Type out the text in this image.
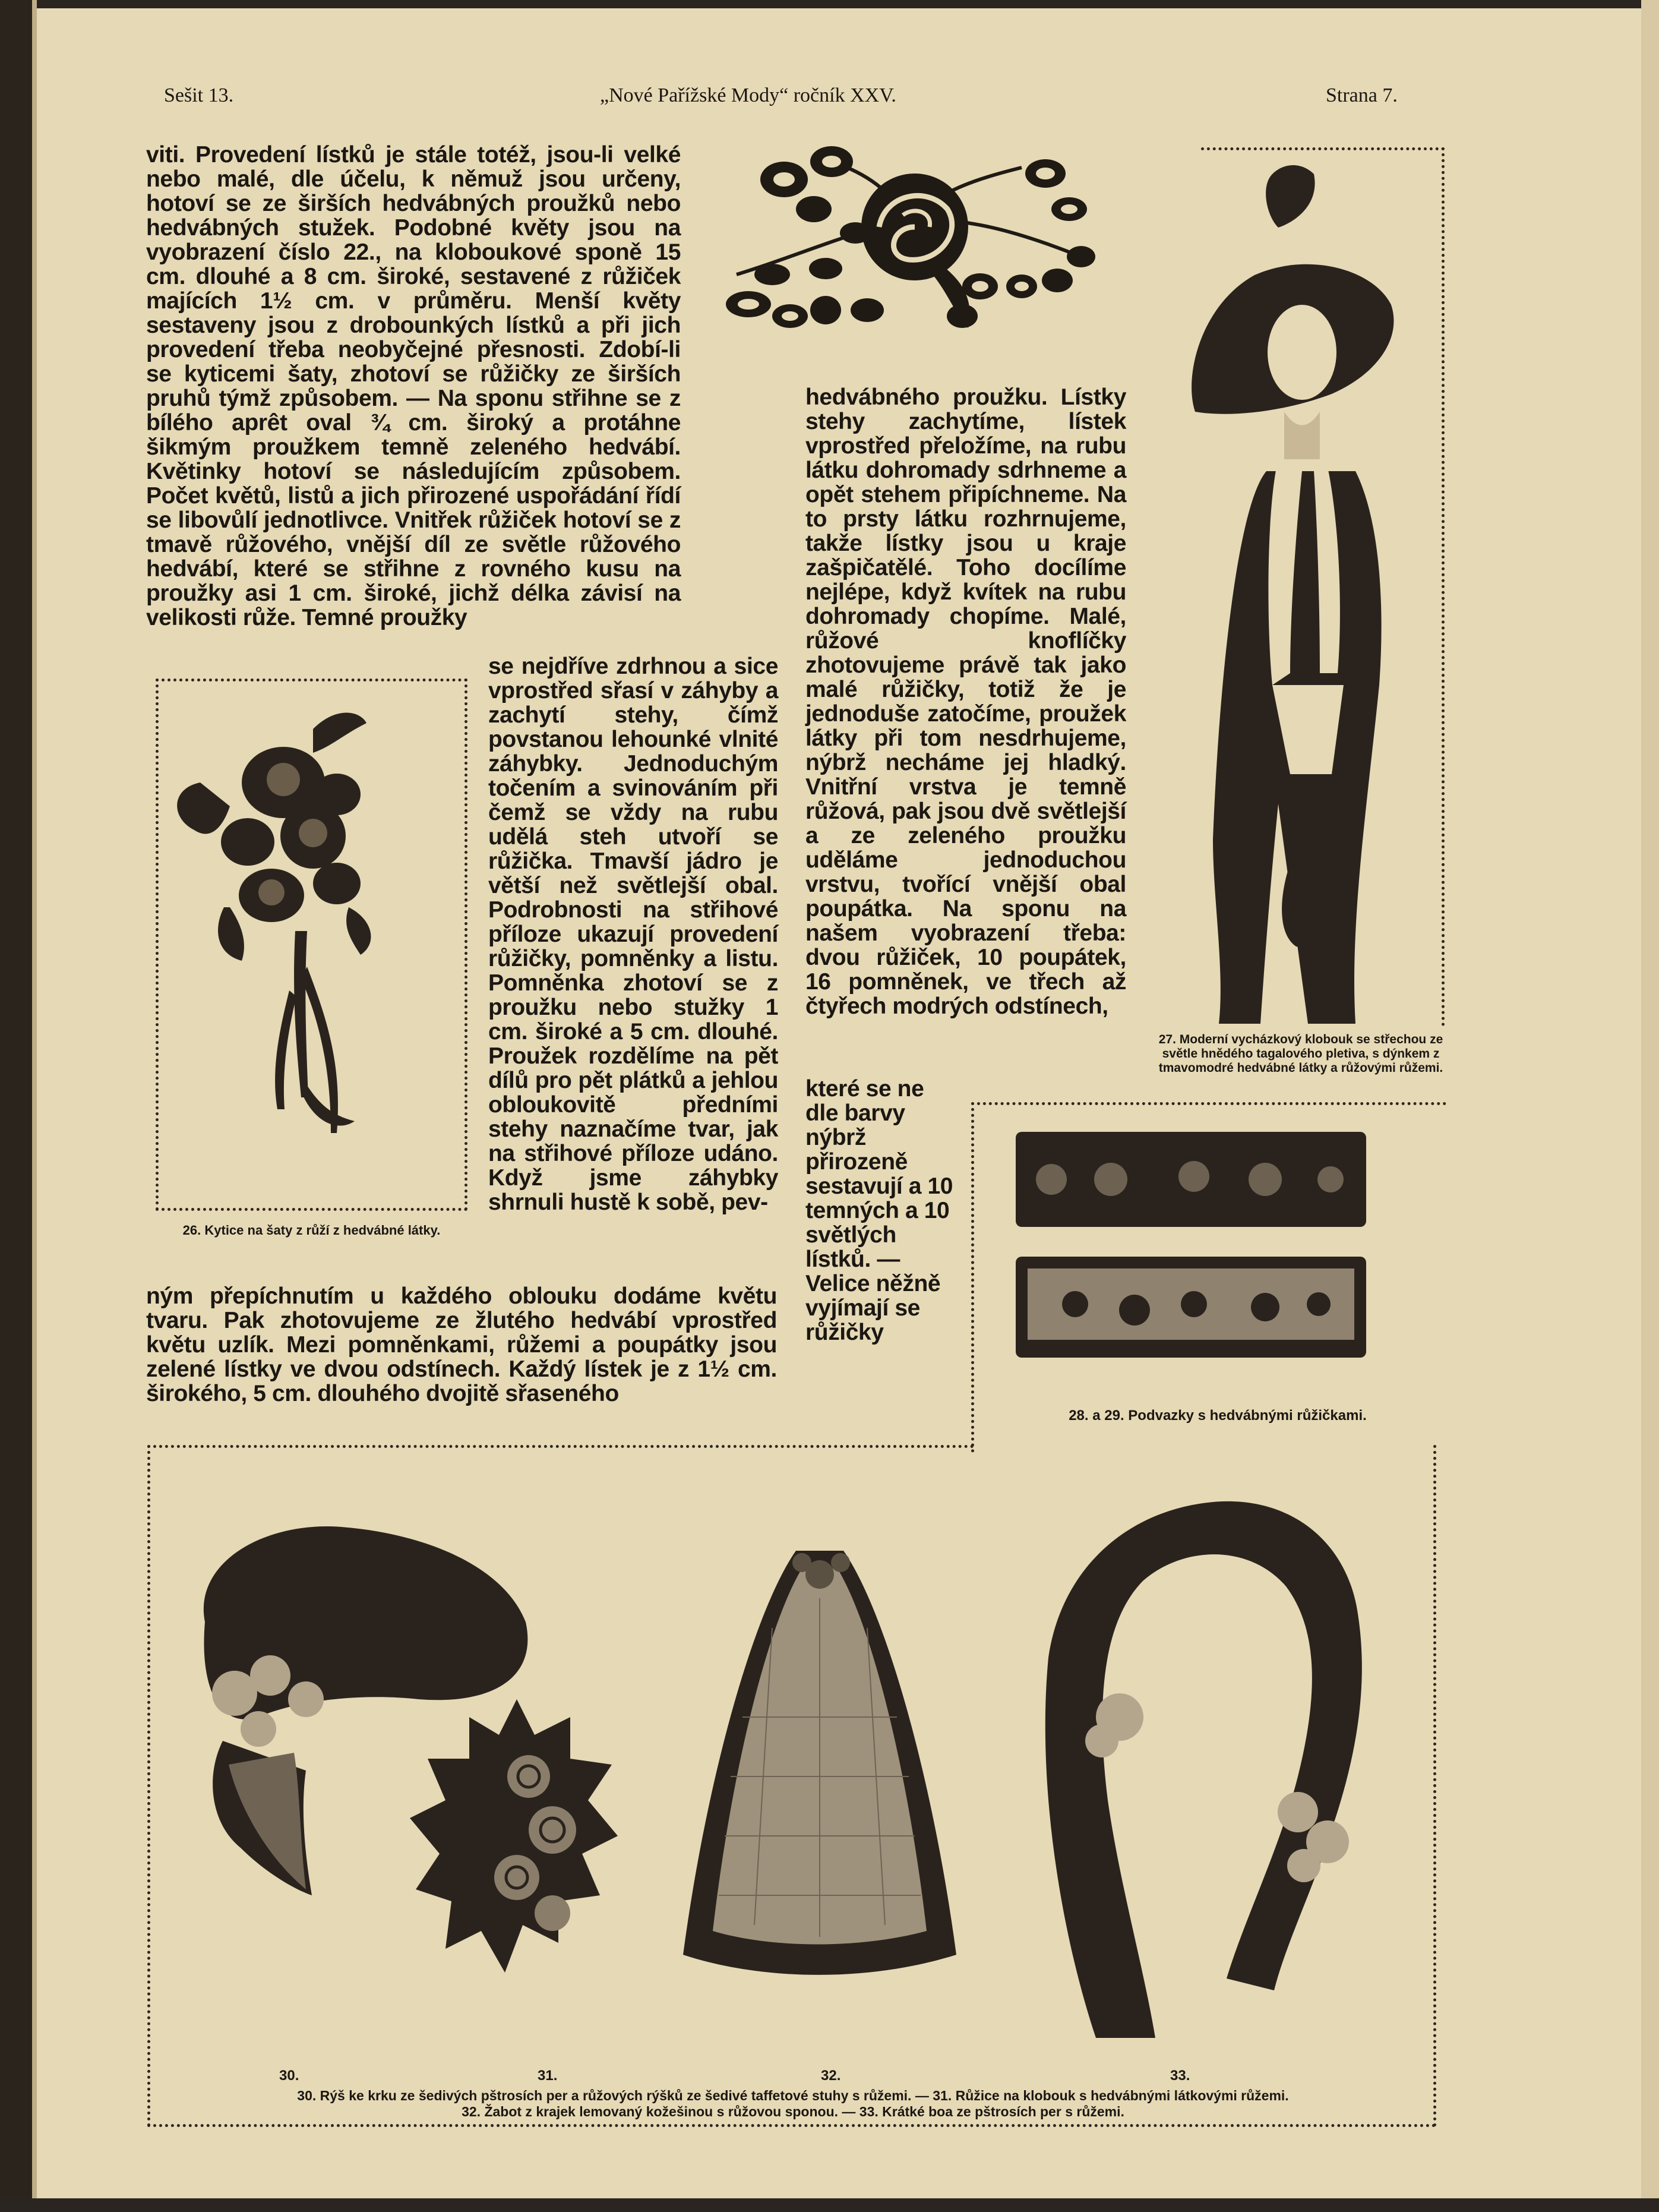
Sešit 13.	„Nové Pařížské Mody“ ročník XXV.	Strana 7.

viti. Provedení lístků je stále totéž, jsou-li velké nebo malé, dle účelu, k němuž jsou určeny, hotoví se ze širších hedvábných proužků nebo hedvábných stužek. Podobné květy jsou na vyobrazení číslo 22., na kloboukové sponě 15 cm. dlouhé a 8 cm. široké, sestavené z růžiček majících 1½ cm. v průměru. Menší květy sestaveny jsou z drobounkých lístků a při jich provedení třeba neobyčejné přesnosti. Zdobí-li se kyticemi šaty, zhotoví se růžičky ze širších pruhů týmž způsobem. — Na sponu střihne se z bílého aprêt oval ¾ cm. široký a protáhne šikmým proužkem temně zeleného hedvábí. Květinky hotoví se následujícím způsobem. Počet květů, listů a jich přirozené uspořádání řídí se libovůlí jednotlivce. Vnitřek růžiček hotoví se z tmavě růžového, vnější díl ze světle růžového hedvábí, které se střihne z rovného kusu na proužky asi 1 cm. široké, jichž délka závisí na velikosti růže. Temné proužky

se nejdříve zdrhnou a sice vprostřed sřasí v záhyby a zachytí stehy, čímž povstanou lehounké vlnité záhybky. Jednoduchým točením a svinováním při čemž se vždy na rubu udělá steh utvoří se růžička. Tmavší jádro je větší než světlejší obal. Podrobnosti na střihové příloze ukazují provedení růžičky, pomněnky a listu. Pomněnka zhotoví se z proužku nebo stužky 1 cm. široké a 5 cm. dlouhé. Proužek rozdělíme na pět dílů pro pět plátků a jehlou obloukovitě předními stehy naznačíme tvar, jak na střihové příloze udáno. Když jsme záhybky shrnuli hustě k sobě, pev-

26. Kytice na šaty z růží z hedvábné látky.

ným přepíchnutím u každého oblouku dodáme květu tvaru. Pak zhotovujeme ze žlutého hedvábí vprostřed květu uzlík. Mezi pomněnkami, růžemi a poupátky jsou zelené lístky ve dvou odstínech. Každý lístek je z 1½ cm. širokého, 5 cm. dlouhého dvojitě sřaseného

hedvábného proužku. Lístky stehy zachytíme, lístek vprostřed přeložíme, na rubu látku dohromady sdrhneme a opět stehem připíchneme. Na to prsty látku rozhrnujeme, takže lístky jsou u kraje zašpičatělé. Toho docílíme nejlépe, když kvítek na rubu dohromady chopíme. Malé, růžové knoflíčky zhotovujeme právě tak jako malé růžičky, totiž že je jednoduše zatočíme, proužek látky při tom nesdrhujeme, nýbrž necháme jej hladký. Vnitřní vrstva je temně růžová, pak jsou dvě světlejší a ze zeleného proužku uděláme jednoduchou vrstvu, tvořící vnější obal poupátka. Na sponu na našem vyobrazení třeba: dvou růžiček, 10 poupátek, 16 pomněnek, ve třech až čtyřech modrých odstínech,

které se ne dle barvy nýbrž přirozeně sestavují a 10 temných a 10 světlých lístků. — Velice něžně vyjímají se růžičky

27. Moderní vycházkový klobouk se střechou ze světle hnědého tagalového pletiva, s dýnkem z tmavomodré hedvábné látky a růžovými růžemi.
28. a 29. Podvazky s hedvábnými růžičkami.
30.	31.	32.	33.
30. Rýš ke krku ze šedivých pštrosích per a růžových rýšků ze šedivé taffetové stuhy s růžemi. — 31. Růžice na klobouk s hedvábnými látkovými růžemi.
32. Žabot z krajek lemovaný kožešinou s růžovou sponou. — 33. Krátké boa ze pštrosích per s růžemi.
